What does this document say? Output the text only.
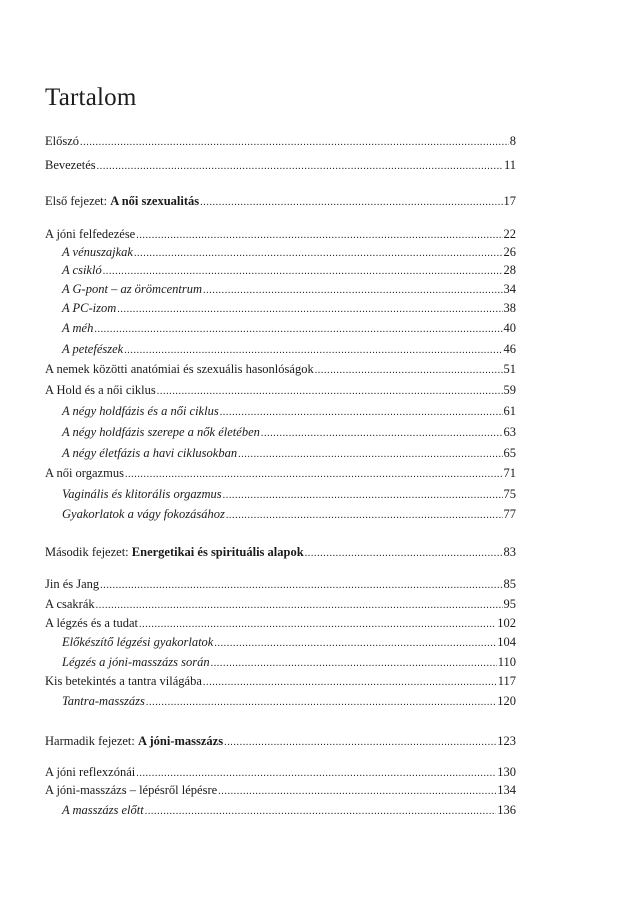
Tartalom
Előszó .....	8
Bevezetés .....	11
Első fejezet: A női szexualitás .....	17
A jóni felfedezése .....	22
A vénuszajkak .....	26
A csikló .....	28
A G-pont – az örömcentrum .....	34
A PC-izom .....	38
A méh .....	40
A petefészek .....	46
A nemek közötti anatómiai és szexuális hasonlóságok .....	51
A Hold és a női ciklus .....	59
A négy holdfázis és a női ciklus .....	61
A négy holdfázis szerepe a nők életében .....	63
A négy életfázis a havi ciklusokban .....	65
A női orgazmus .....	71
Vaginális és klitorális orgazmus .....	75
Gyakorlatok a vágy fokozásához .....	77
Második fejezet: Energetikai és spirituális alapok .....	83
Jin és Jang .....	85
A csakrák .....	95
A légzés és a tudat .....	102
Előkészítő légzési gyakorlatok .....	104
Légzés a jóni-masszázs során .....	110
Kis betekintés a tantra világába .....	117
Tantra-masszázs .....	120
Harmadik fejezet: A jóni-masszázs .....	123
A jóni reflexzónái .....	130
A jóni-masszázs – lépésről lépésre .....	134
A masszázs előtt .....	136
